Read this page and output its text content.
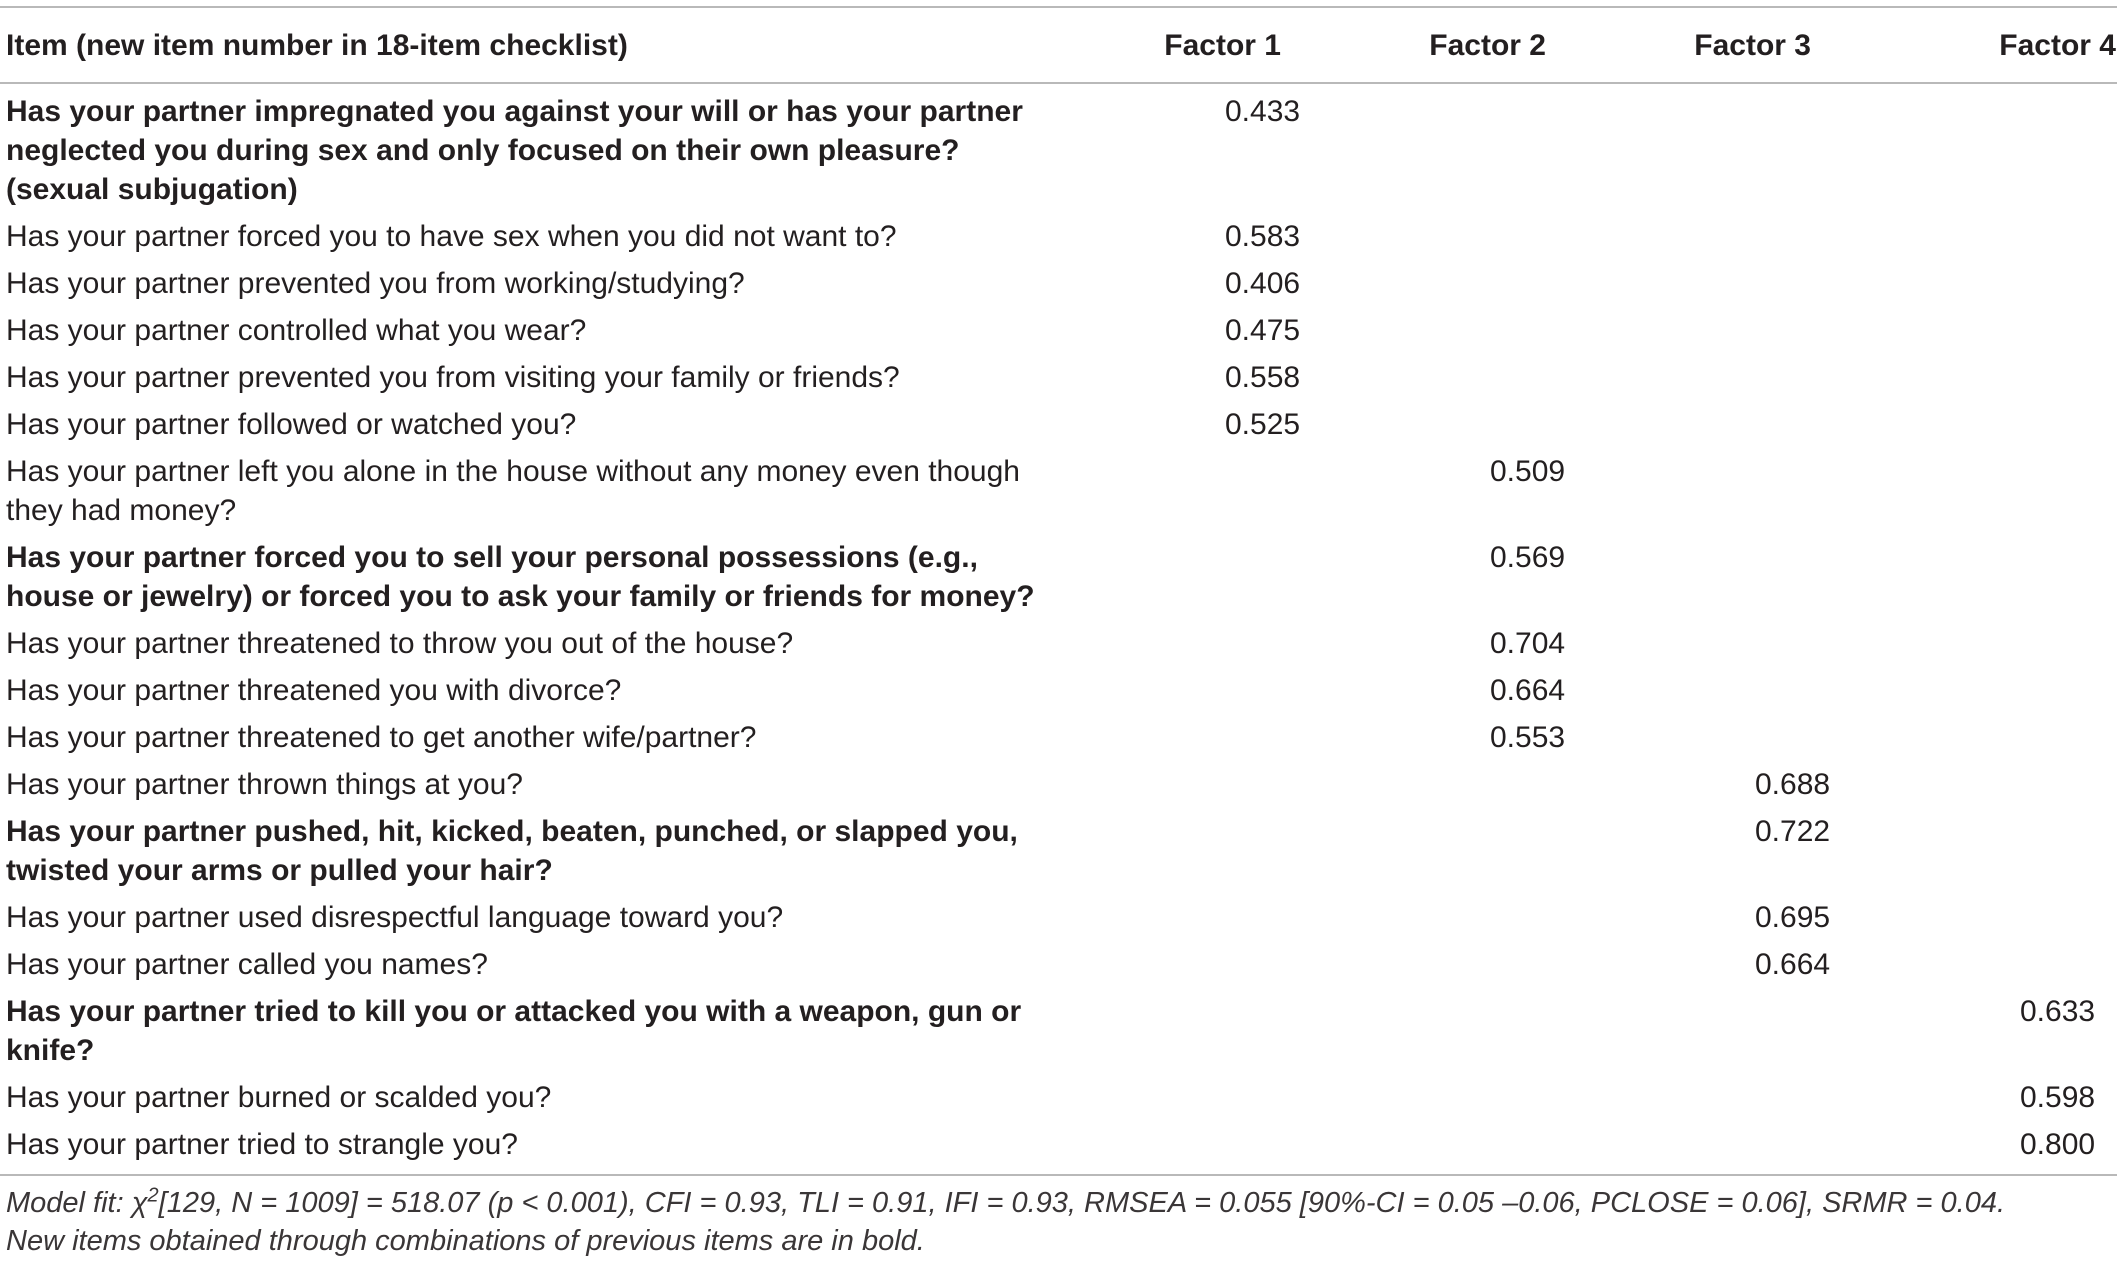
Item (new item number in 18-item checklist)	Factor 1	Factor 2	Factor 3	Factor 4
Has your partner impregnated you against your will or has your partner neglected you during sex and only focused on their own pleasure? (sexual subjugation)	0.433			
Has your partner forced you to have sex when you did not want to?	0.583			
Has your partner prevented you from working/studying?	0.406			
Has your partner controlled what you wear?	0.475			
Has your partner prevented you from visiting your family or friends?	0.558			
Has your partner followed or watched you?	0.525			
Has your partner left you alone in the house without any money even though they had money?		0.509		
Has your partner forced you to sell your personal possessions (e.g., house or jewelry) or forced you to ask your family or friends for money?		0.569		
Has your partner threatened to throw you out of the house?		0.704		
Has your partner threatened you with divorce?		0.664		
Has your partner threatened to get another wife/partner?		0.553		
Has your partner thrown things at you?			0.688	
Has your partner pushed, hit, kicked, beaten, punched, or slapped you, twisted your arms or pulled your hair?			0.722	
Has your partner used disrespectful language toward you?			0.695	
Has your partner called you names?			0.664	
Has your partner tried to kill you or attacked you with a weapon, gun or knife?				0.633
Has your partner burned or scalded you?				0.598
Has your partner tried to strangle you?				0.800
Model fit: $\chi^2[129$, N = 1009] = 518.07 (p < 0.001), CFI = 0.93, TLI = 0.91, IFI = 0.93, RMSEA = 0.055 [90%-CI = 0.05 –0.06, PCLOSE = 0.06], SRMR = 0.04.
New items obtained through combinations of previous items are in bold.
